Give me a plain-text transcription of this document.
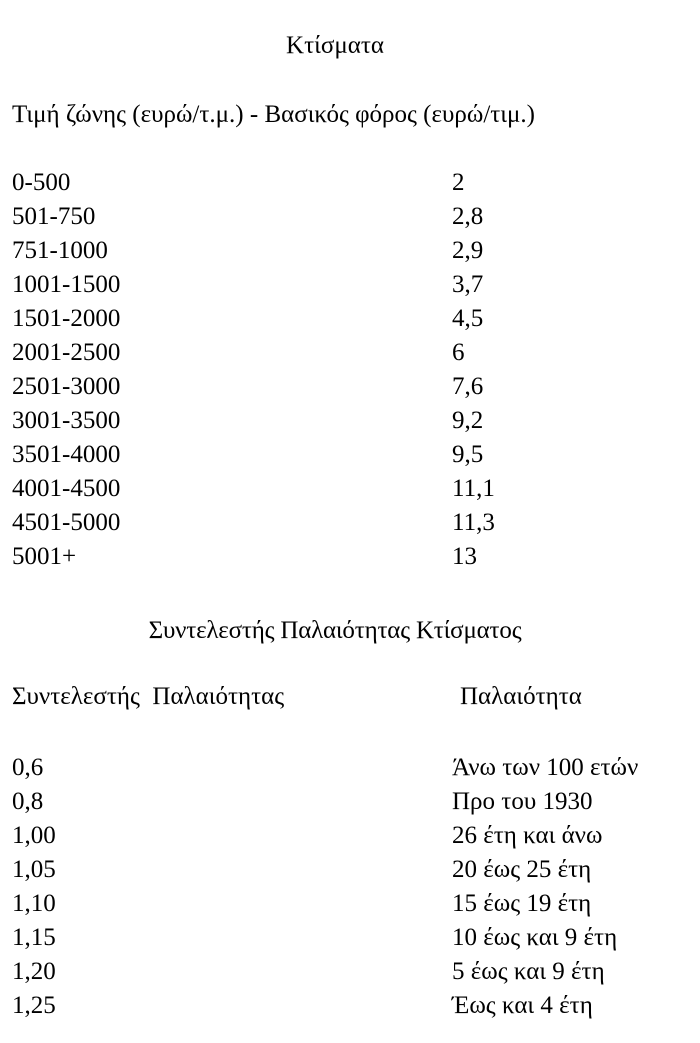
Κτίσματα
Τιμή ζώνης (ευρώ/τ.μ.) - Βασικός φόρος (ευρώ/τιμ.)
0-500	2
501-750	2,8
751-1000	2,9
1001-1500	3,7
1501-2000	4,5
2001-2500	6
2501-3000	7,6
3001-3500	9,2
3501-4000	9,5
4001-4500	11,1
4501-5000	11,3
5001+	13
Συντελεστής Παλαιότητας Κτίσματος
Συντελεστής  Παλαιότητας	Παλαιότητα
0,6	Άνω των 100 ετών
0,8	Προ του 1930
1,00	26 έτη και άνω
1,05	20 έως 25 έτη
1,10	15 έως 19 έτη
1,15	10 έως και 9 έτη
1,20	5 έως και 9 έτη
1,25	Έως και 4 έτη
